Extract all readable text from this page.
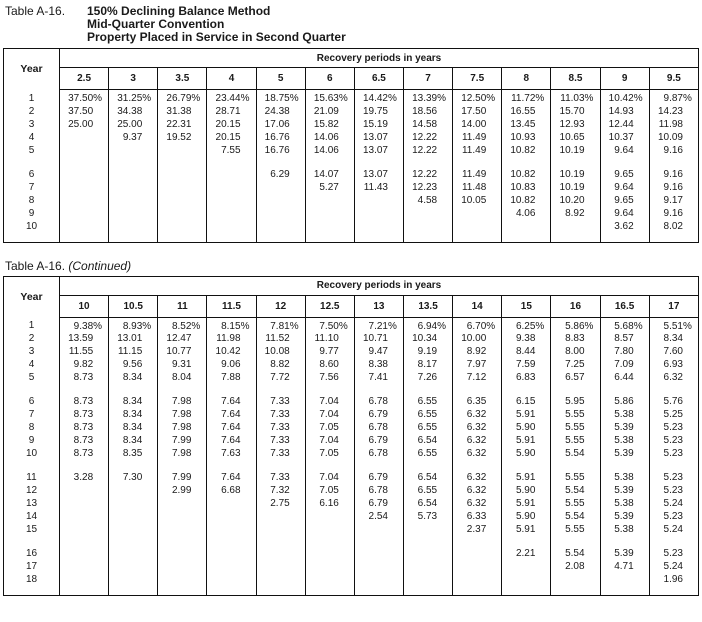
Table A-16.	150% Declining Balance Method
Mid-Quarter Convention
Property Placed in Service in Second Quarter
Year	Recovery periods in years												
	2.5	3	3.5	4	5	6	6.5	7	7.5	8	8.5	9	9.5
1	37.50%	31.25%	26.79%	23.44%	18.75%	15.63%	14.42%	13.39%	12.50%	11.72%	11.03%	10.42%	9.87%
2	37.50	34.38	31.38	28.71	24.38	21.09	19.75	18.56	17.50	16.55	15.70	14.93	14.23
3	25.00	25.00	22.31	20.15	17.06	15.82	15.19	14.58	14.00	13.45	12.93	12.44	11.98
4		9.37	19.52	20.15	16.76	14.06	13.07	12.22	11.49	10.93	10.65	10.37	10.09
5				7.55	16.76	14.06	13.07	12.22	11.49	10.82	10.19	9.64	9.16

6					6.29	14.07	13.07	12.22	11.49	10.82	10.19	9.65	9.16
7						5.27	11.43	12.23	11.48	10.83	10.19	9.64	9.16
8								4.58	10.05	10.82	10.20	9.65	9.17
9										4.06	8.92	9.64	9.16
10												3.62	8.02

Table A-16. (Continued)
Year	Recovery periods in years												
	10	10.5	11	11.5	12	12.5	13	13.5	14	15	16	16.5	17
1	9.38%	8.93%	8.52%	8.15%	7.81%	7.50%	7.21%	6.94%	6.70%	6.25%	5.86%	5.68%	5.51%
2	13.59	13.01	12.47	11.98	11.52	11.10	10.71	10.34	10.00	9.38	8.83	8.57	8.34
3	11.55	11.15	10.77	10.42	10.08	9.77	9.47	9.19	8.92	8.44	8.00	7.80	7.60
4	9.82	9.56	9.31	9.06	8.82	8.60	8.38	8.17	7.97	7.59	7.25	7.09	6.93
5	8.73	8.34	8.04	7.88	7.72	7.56	7.41	7.26	7.12	6.83	6.57	6.44	6.32

6	8.73	8.34	7.98	7.64	7.33	7.04	6.78	6.55	6.35	6.15	5.95	5.86	5.76
7	8.73	8.34	7.98	7.64	7.33	7.04	6.79	6.55	6.32	5.91	5.55	5.38	5.25
8	8.73	8.34	7.98	7.64	7.33	7.05	6.78	6.55	6.32	5.90	5.55	5.39	5.23
9	8.73	8.34	7.99	7.64	7.33	7.04	6.79	6.54	6.32	5.91	5.55	5.38	5.23
10	8.73	8.35	7.98	7.63	7.33	7.05	6.78	6.55	6.32	5.90	5.54	5.39	5.23

11	3.28	7.30	7.99	7.64	7.33	7.04	6.79	6.54	6.32	5.91	5.55	5.38	5.23
12			2.99	6.68	7.32	7.05	6.78	6.55	6.32	5.90	5.54	5.39	5.23
13					2.75	6.16	6.79	6.54	6.32	5.91	5.55	5.38	5.24
14							2.54	5.73	6.33	5.90	5.54	5.39	5.23
15									2.37	5.91	5.55	5.38	5.24

16										2.21	5.54	5.39	5.23
17											2.08	4.71	5.24
18													1.96
